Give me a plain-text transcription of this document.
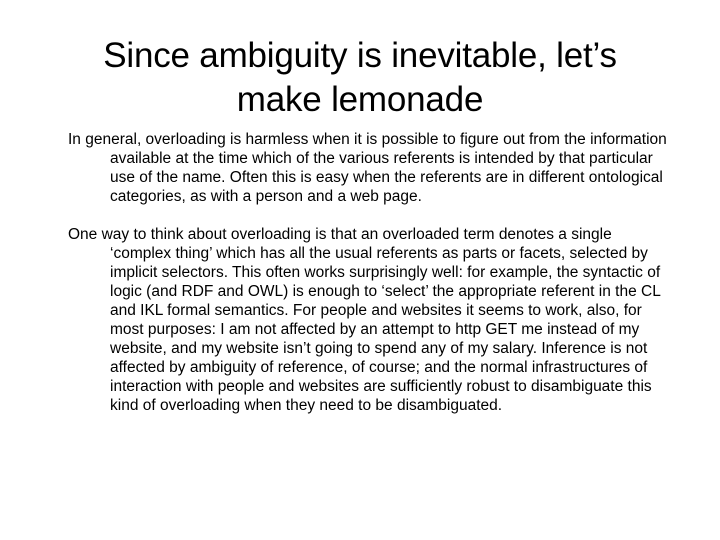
Since ambiguity is inevitable, let’s make lemonade

In general, overloading is harmless when it is possible to figure out from the information available at the time which of the various referents is intended by that particular use of the name. Often this is easy when the referents are in different ontological categories, as with a person and a web page.

One way to think about overloading is that an overloaded term denotes a single ‘complex thing’ which has all the usual referents as parts or facets, selected by implicit selectors. This often works surprisingly well: for example, the syntactic of logic (and RDF and OWL) is enough to ‘select’ the appropriate referent in the CL and IKL formal semantics. For people and websites it seems to work, also, for most purposes: I am not affected by an attempt to http GET me instead of my website, and my website isn’t going to spend any of my salary. Inference is not affected by ambiguity of reference, of course; and the normal infrastructures of interaction with people and websites are sufficiently robust to disambiguate this kind of overloading when they need to be disambiguated.
